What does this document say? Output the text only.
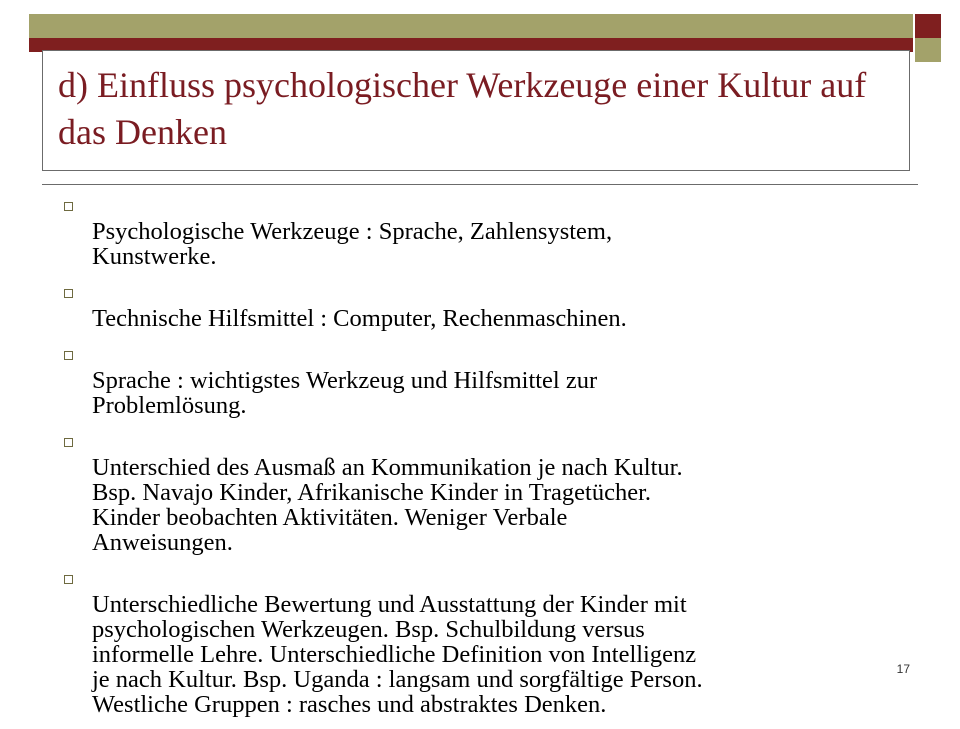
d) Einfluss psychologischer Werkzeuge einer Kultur auf das Denken

Psychologische Werkzeuge : Sprache, Zahlensystem,
Kunstwerke.

Technische Hilfsmittel : Computer, Rechenmaschinen.

Sprache : wichtigstes Werkzeug und Hilfsmittel zur
Problemlösung.

Unterschied des Ausmaß an Kommunikation je nach Kultur.
Bsp. Navajo Kinder, Afrikanische Kinder in Tragetücher.
Kinder beobachten Aktivitäten. Weniger Verbale
Anweisungen.

Unterschiedliche Bewertung und Ausstattung der Kinder mit
psychologischen Werkzeugen. Bsp. Schulbildung versus
informelle Lehre. Unterschiedliche Definition von Intelligenz
je nach Kultur. Bsp. Uganda : langsam und sorgfältige Person.
Westliche Gruppen : rasches und abstraktes Denken.

17
